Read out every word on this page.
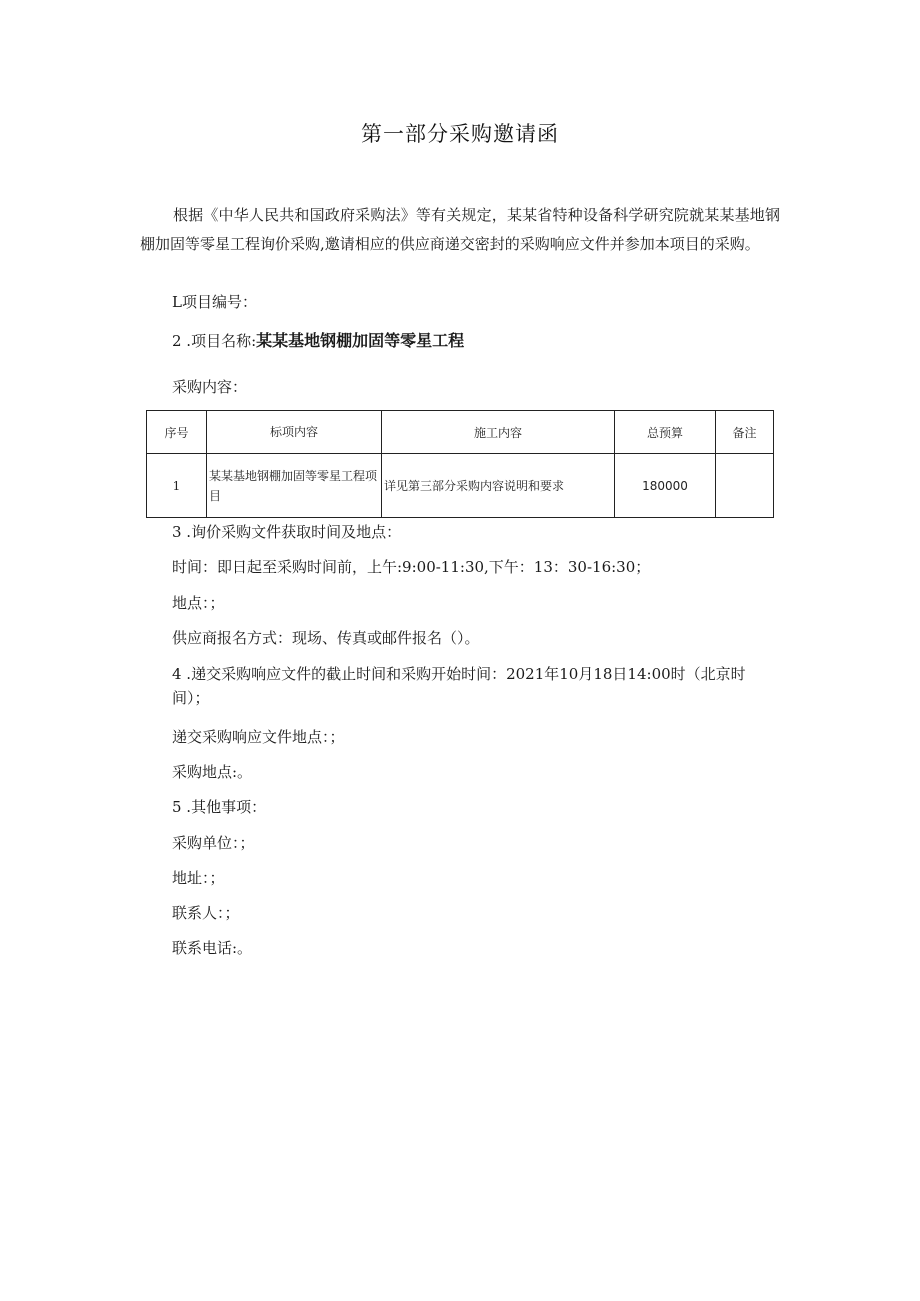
第一部分采购邀请函
根据《中华人民共和国政府采购法》等有关规定，某某省特种设备科学研究院就某某基地钢棚加固等零星工程询价采购,邀请相应的供应商递交密封的采购响应文件并参加本项目的采购。
L项目编号：
2 .项目名称:某某基地钢棚加固等零星工程
采购内容：
序号	标项内容	施工内容	总预算	备注
1	某某基地钢棚加固等零星工程项目	详见第三部分采购内容说明和要求	180000	
3 .询价采购文件获取时间及地点：
时间：即日起至采购时间前，上午:9:00-11:30,下午：13：30-16:30；
地点：；
供应商报名方式：现场、传真或邮件报名（）。
4 .递交采购响应文件的截止时间和采购开始时间：2021年10月18日14:00时（北京时间）；
递交采购响应文件地点：；
采购地点:。
5 .其他事项：
采购单位：；
地址：；
联系人：；
联系电话:。
